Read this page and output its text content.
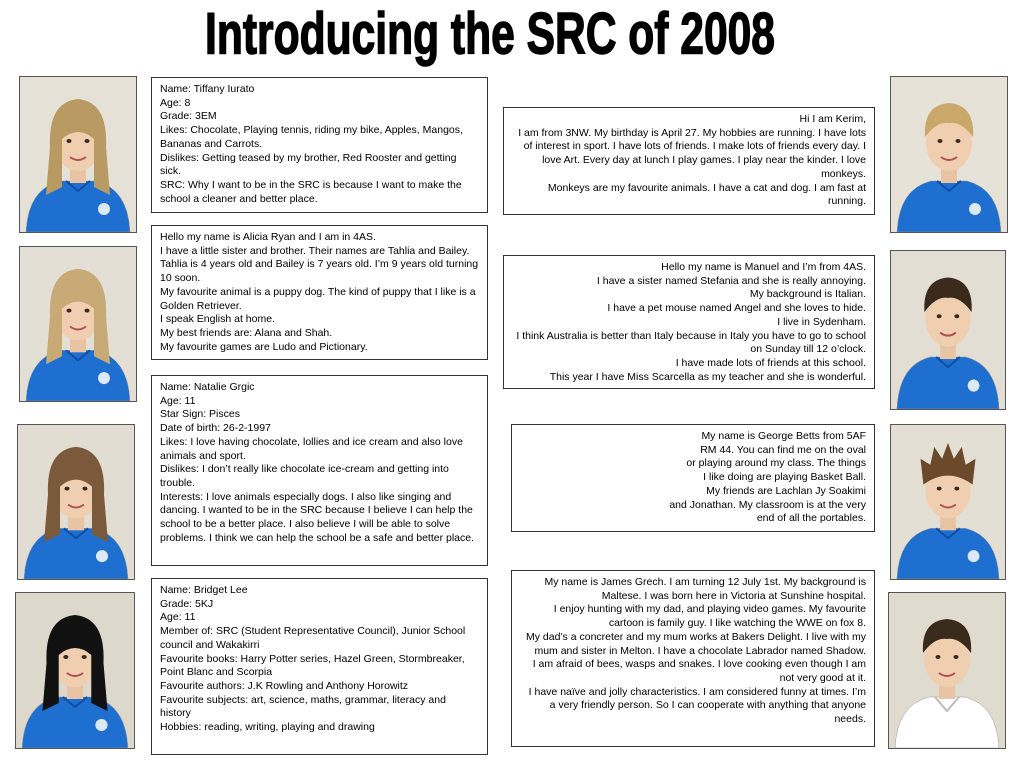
Introducing the SRC of 2008
Name: Tiffany Iurato
Age: 8
Grade: 3EM
Likes: Chocolate, Playing tennis, riding my bike, Apples, Mangos, Bananas and Carrots.
Dislikes: Getting teased by my brother, Red Rooster and getting sick.
SRC: Why I want to be in the SRC is because I want to make the school a cleaner and better place.
Hello my name is Alicia Ryan and I am in 4AS.
I have a little sister and brother. Their names are Tahlia and Bailey. Tahlia is 4 years old and Bailey is 7 years old. I’m 9 years old turning 10 soon.
My favourite animal is a puppy dog. The kind of puppy that I like is a Golden Retriever.
I speak English at home.
My best friends are: Alana and Shah.
My favourite games are Ludo and Pictionary.
Name: Natalie Grgic
Age: 11
Star Sign: Pisces
Date of birth: 26-2-1997
Likes: I love having chocolate, lollies and ice cream and also love animals and sport.
Dislikes: I don’t really like chocolate ice-cream and getting into trouble.
Interests: I love animals especially dogs. I also like singing and dancing. I wanted to be in the SRC because I believe I can help the school to be a better place. I also believe I will be able to solve problems. I think we can help the school be a safe and better place.
Name: Bridget Lee
Grade: 5KJ
Age: 11
Member of: SRC (Student Representative Council), Junior School council and Wakakirri
Favourite books: Harry Potter series, Hazel Green, Stormbreaker, Point Blanc and Scorpia
Favourite authors: J.K Rowling and Anthony Horowitz
Favourite subjects: art, science, maths, grammar, literacy and history
Hobbies: reading, writing, playing and drawing
Hi I am Kerim,
I am from 3NW. My birthday is April 27. My hobbies are running. I have lots of interest in sport. I have lots of friends. I make lots of friends every day. I love Art. Every day at lunch I play games. I play near the kinder. I love monkeys.
Monkeys are my favourite animals. I have a cat and dog. I am fast at running.
Hello my name is Manuel and I’m from 4AS.
I have a sister named Stefania and she is really annoying.
My background is Italian.
I have a pet mouse named Angel and she loves to hide.
I live in Sydenham.
I think Australia is better than Italy because in Italy you have to go to school on Sunday till 12 o’clock.
I have made lots of friends at this school.
This year I have Miss Scarcella as my teacher and she is wonderful.
My name is George Betts from 5AF
RM 44. You can find me on the oval
or playing around my class. The things
I like doing are playing Basket Ball.
My friends are Lachlan Jy Soakimi
and Jonathan. My classroom is at the very
end of all the portables.
My name is James Grech. I am turning 12 July 1st. My background is Maltese. I was born here in Victoria at Sunshine hospital.
I enjoy hunting with my dad, and playing video games. My favourite cartoon is family guy. I like watching the WWE on fox 8.
My dad’s a concreter and my mum works at Bakers Delight. I live with my mum and sister in Melton. I have a chocolate Labrador named Shadow.
I am afraid of bees, wasps and snakes. I love cooking even though I am not very good at it.
I have naïve and jolly characteristics. I am considered funny at times. I’m a very friendly person. So I can cooperate with anything that anyone needs.
